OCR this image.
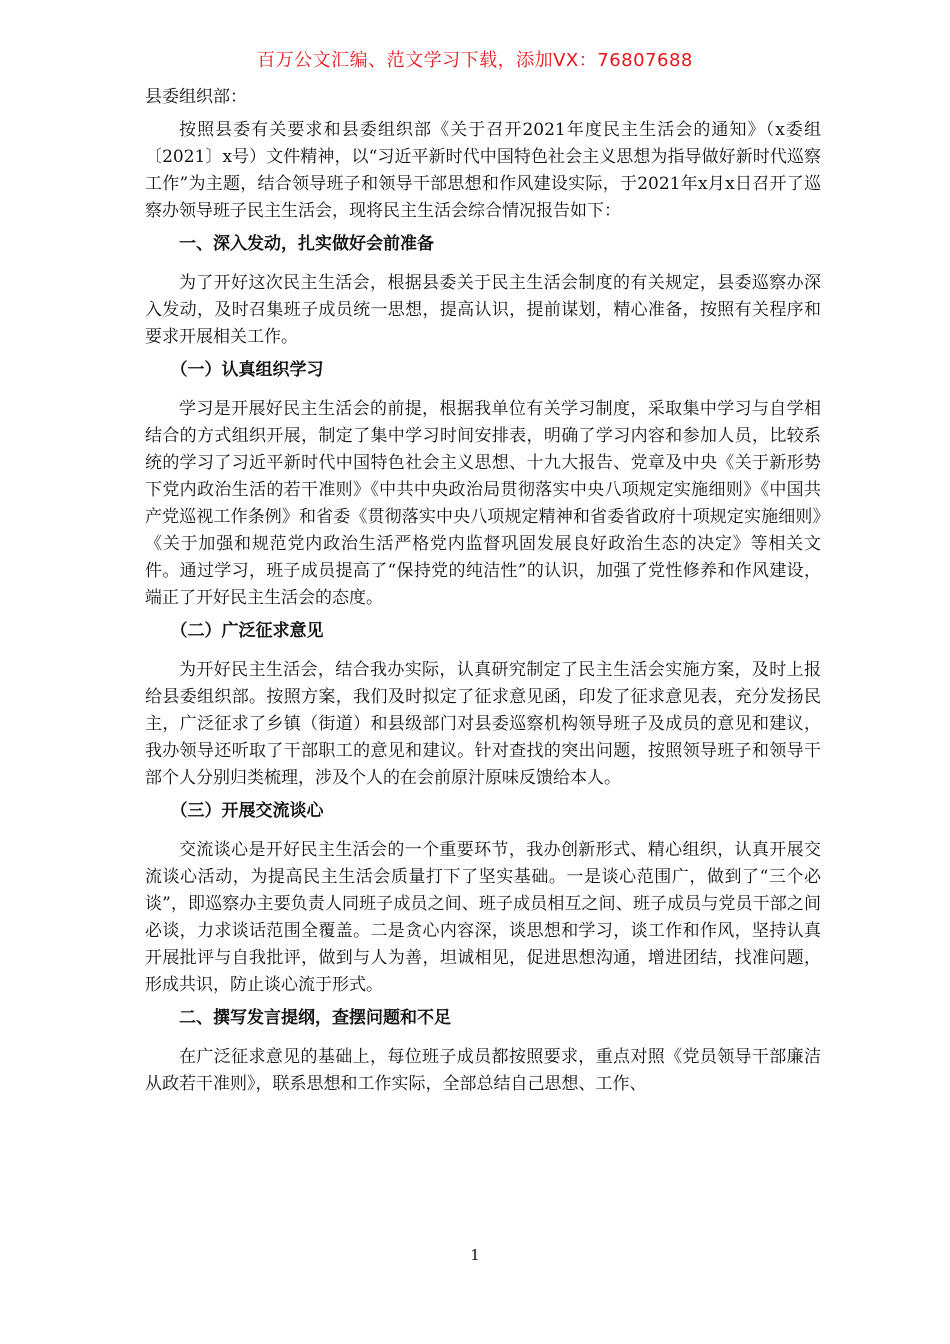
百万公文汇编、范文学习下载，添加VX：76807688

县委组织部：

按照县委有关要求和县委组织部《关于召开2021年度民主生活会的通知》（x委组〔2021〕x号）文件精神，以“习近平新时代中国特色社会主义思想为指导做好新时代巡察工作”为主题，结合领导班子和领导干部思想和作风建设实际，于2021年x月x日召开了巡察办领导班子民主生活会，现将民主生活会综合情况报告如下：

一、深入发动，扎实做好会前准备

为了开好这次民主生活会，根据县委关于民主生活会制度的有关规定，县委巡察办深入发动，及时召集班子成员统一思想，提高认识，提前谋划，精心准备，按照有关程序和要求开展相关工作。

（一）认真组织学习

学习是开展好民主生活会的前提，根据我单位有关学习制度，采取集中学习与自学相结合的方式组织开展，制定了集中学习时间安排表，明确了学习内容和参加人员，比较系统的学习了习近平新时代中国特色社会主义思想、十九大报告、党章及中央《关于新形势下党内政治生活的若干准则》《中共中央政治局贯彻落实中央八项规定实施细则》《中国共产党巡视工作条例》和省委《贯彻落实中央八项规定精神和省委省政府十项规定实施细则》《关于加强和规范党内政治生活严格党内监督巩固发展良好政治生态的决定》等相关文件。通过学习，班子成员提高了“保持党的纯洁性”的认识，加强了党性修养和作风建设，端正了开好民主生活会的态度。

（二）广泛征求意见

为开好民主生活会，结合我办实际，认真研究制定了民主生活会实施方案，及时上报给县委组织部。按照方案，我们及时拟定了征求意见函，印发了征求意见表，充分发扬民主，广泛征求了乡镇（街道）和县级部门对县委巡察机构领导班子及成员的意见和建议，我办领导还听取了干部职工的意见和建议。针对查找的突出问题，按照领导班子和领导干部个人分别归类梳理，涉及个人的在会前原汁原味反馈给本人。

（三）开展交流谈心

交流谈心是开好民主生活会的一个重要环节，我办创新形式、精心组织，认真开展交流谈心活动，为提高民主生活会质量打下了坚实基础。一是谈心范围广，做到了“三个必谈”，即巡察办主要负责人同班子成员之间、班子成员相互之间、班子成员与党员干部之间必谈，力求谈话范围全覆盖。二是贪心内容深，谈思想和学习，谈工作和作风，坚持认真开展批评与自我批评，做到与人为善，坦诚相见，促进思想沟通，增进团结，找准问题，形成共识，防止谈心流于形式。

二、撰写发言提纲，查摆问题和不足

在广泛征求意见的基础上，每位班子成员都按照要求，重点对照《党员领导干部廉洁从政若干准则》，联系思想和工作实际，全部总结自己思想、工作、

1
